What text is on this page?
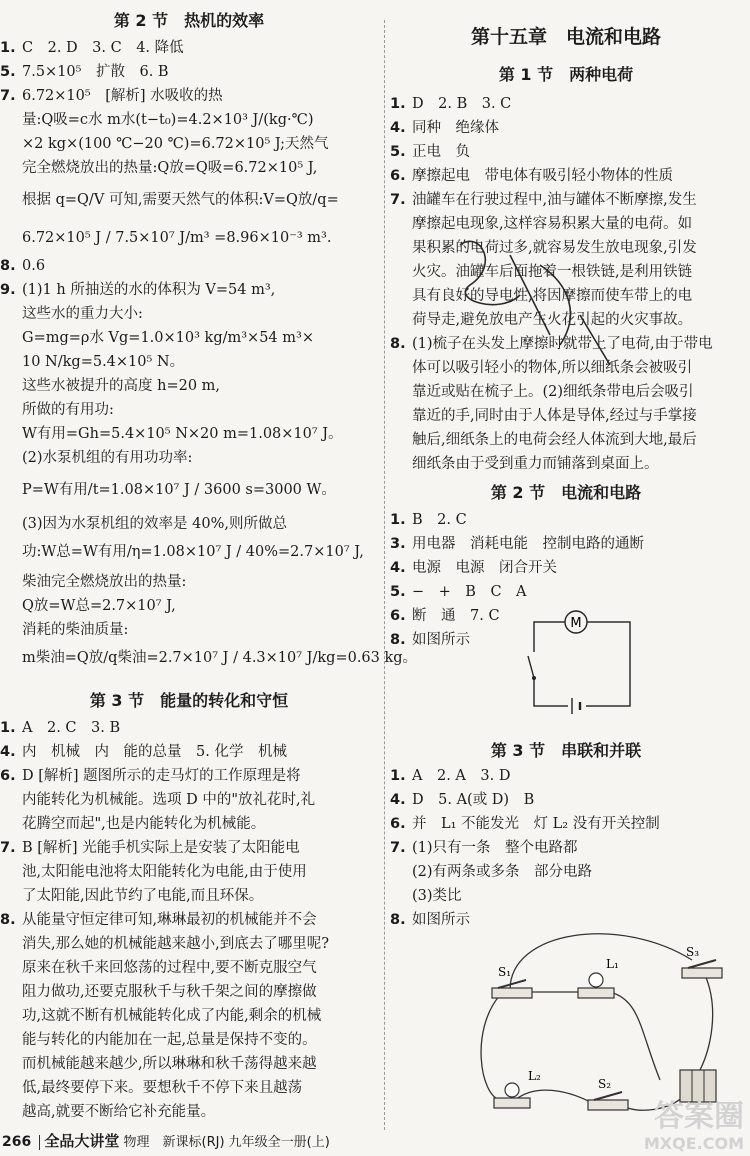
第 2 节　热机的效率
1. C　2. D　3. C　4. 降低
5. 7.5×10⁵　扩散　6. B
7. 6.72×10⁵　[解析] 水吸收的热
量:Q吸=c水 m水(t−t₀)=4.2×10³ J/(kg·℃)
×2 kg×(100 ℃−20 ℃)=6.72×10⁵ J;天然气
完全燃烧放出的热量:Q放=Q吸=6.72×10⁵ J,
根据 q=Q/V 可知,需要天然气的体积:V=Q放/q=
6.72×10⁵ J / 7.5×10⁷ J/m³ =8.96×10⁻³ m³.
8. 0.6
9. (1)1 h 所抽送的水的体积为 V=54 m³,
这些水的重力大小:
G=mg=ρ水 Vg=1.0×10³ kg/m³×54 m³×
10 N/kg=5.4×10⁵ N。
这些水被提升的高度 h=20 m,
所做的有用功:
W有用=Gh=5.4×10⁵ N×20 m=1.08×10⁷ J。
(2)水泵机组的有用功功率:
P=W有用/t=1.08×10⁷ J / 3600 s=3000 W。
(3)因为水泵机组的效率是 40%,则所做总
功:W总=W有用/η=1.08×10⁷ J / 40%=2.7×10⁷ J,
柴油完全燃烧放出的热量:
Q放=W总=2.7×10⁷ J,
消耗的柴油质量:
m柴油=Q放/q柴油=2.7×10⁷ J / 4.3×10⁷ J/kg=0.63 kg。
第 3 节　能量的转化和守恒
1. A　2. C　3. B
4. 内　机械　内　能的总量　5. 化学　机械
6. D [解析] 题图所示的走马灯的工作原理是将
内能转化为机械能。选项 D 中的"放礼花时,礼
花腾空而起",也是内能转化为机械能。
7. B [解析] 光能手机实际上是安装了太阳能电
池,太阳能电池将太阳能转化为电能,由于使用
了太阳能,因此节约了电能,而且环保。
8. 从能量守恒定律可知,琳琳最初的机械能并不会
消失,那么她的机械能越来越小,到底去了哪里呢?
原来在秋千来回悠荡的过程中,要不断克服空气
阻力做功,还要克服秋千与秋千架之间的摩擦做
功,这就不断有机械能转化成了内能,剩余的机械
能与转化的内能加在一起,总量是保持不变的。
而机械能越来越少,所以琳琳和秋千荡得越来越
低,最终要停下来。要想秋千不停下来且越荡
越高,就要不断给它补充能量。
第十五章　电流和电路
第 1 节　两种电荷
1. D　2. B　3. C
4. 同种　绝缘体
5. 正电　负
6. 摩擦起电　带电体有吸引轻小物体的性质
7. 油罐车在行驶过程中,油与罐体不断摩擦,发生
摩擦起电现象,这样容易积累大量的电荷。如
果积累的电荷过多,就容易发生放电现象,引发
火灾。油罐车后面拖着一根铁链,是利用铁链
具有良好的导电性,将因摩擦而使车带上的电
荷导走,避免放电产生火花引起的火灾事故。
8. (1)梳子在头发上摩擦时就带上了电荷,由于带电
体可以吸引轻小的物体,所以细纸条会被吸引
靠近或贴在梳子上。(2)细纸条带电后会吸引
靠近的手,同时由于人体是导体,经过与手掌接
触后,细纸条上的电荷会经人体流到大地,最后
细纸条由于受到重力而铺落到桌面上。
第 2 节　电流和电路
1. B　2. C
3. 用电器　消耗电能　控制电路的通断
4. 电源　电源　闭合开关
5. −　+　B　C　A
6. 断　通　7. C
8. 如图所示
M
第 3 节　串联和并联
1. A　2. A　3. D
4. D　5. A(或 D)　B
6. 并　L₁ 不能发光　灯 L₂ 没有开关控制
7. (1)只有一条　整个电路都
(2)有两条或多条　部分电路
(3)类比
8. 如图所示
S₁
L₁
S₃
L₂
S₂
266 全品大讲堂 物理　新课标(RJ) 九年级全一册(上)
答案圈
MXQE.COM
